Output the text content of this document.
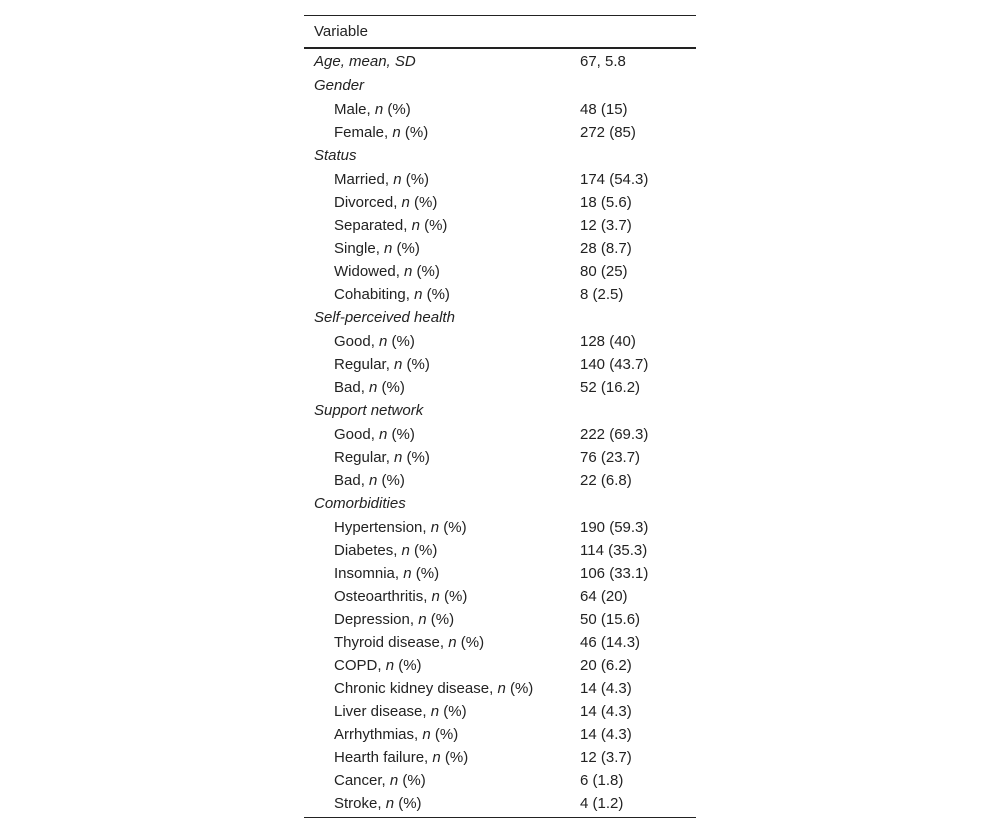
Variable
Age, mean, SD	67, 5.8
Gender
Male, n (%)	48 (15)
Female, n (%)	272 (85)
Status
Married, n (%)	174 (54.3)
Divorced, n (%)	18 (5.6)
Separated, n (%)	12 (3.7)
Single, n (%)	28 (8.7)
Widowed, n (%)	80 (25)
Cohabiting, n (%)	8 (2.5)
Self-perceived health
Good, n (%)	128 (40)
Regular, n (%)	140 (43.7)
Bad, n (%)	52 (16.2)
Support network
Good, n (%)	222 (69.3)
Regular, n (%)	76 (23.7)
Bad, n (%)	22 (6.8)
Comorbidities
Hypertension, n (%)	190 (59.3)
Diabetes, n (%)	114 (35.3)
Insomnia, n (%)	106 (33.1)
Osteoarthritis, n (%)	64 (20)
Depression, n (%)	50 (15.6)
Thyroid disease, n (%)	46 (14.3)
COPD, n (%)	20 (6.2)
Chronic kidney disease, n (%)	14 (4.3)
Liver disease, n (%)	14 (4.3)
Arrhythmias, n (%)	14 (4.3)
Hearth failure, n (%)	12 (3.7)
Cancer, n (%)	6 (1.8)
Stroke, n (%)	4 (1.2)
